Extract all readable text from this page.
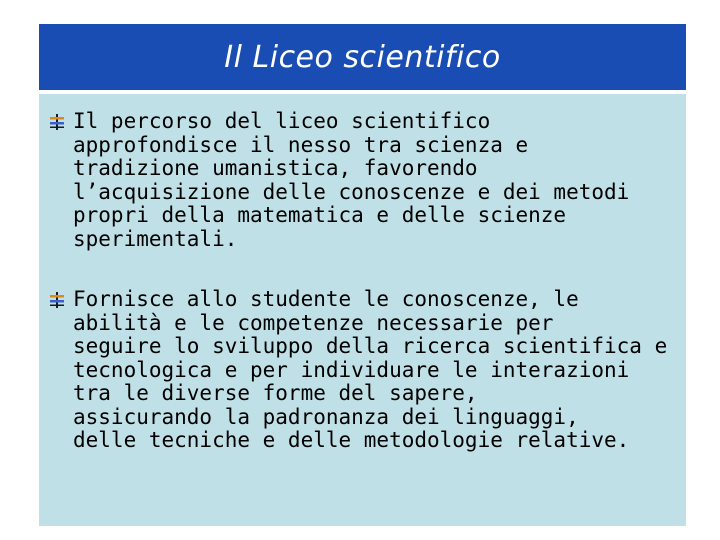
Il Liceo scientifico

Il percorso del liceo scientifico
approfondisce il nesso tra scienza e
tradizione umanistica, favorendo
l’acquisizione delle conoscenze e dei metodi
propri della matematica e delle scienze
sperimentali.

Fornisce allo studente le conoscenze, le
abilità e le competenze necessarie per
seguire lo sviluppo della ricerca scientifica e
tecnologica e per individuare le interazioni
tra le diverse forme del sapere,
assicurando la padronanza dei linguaggi,
delle tecniche e delle metodologie relative.
